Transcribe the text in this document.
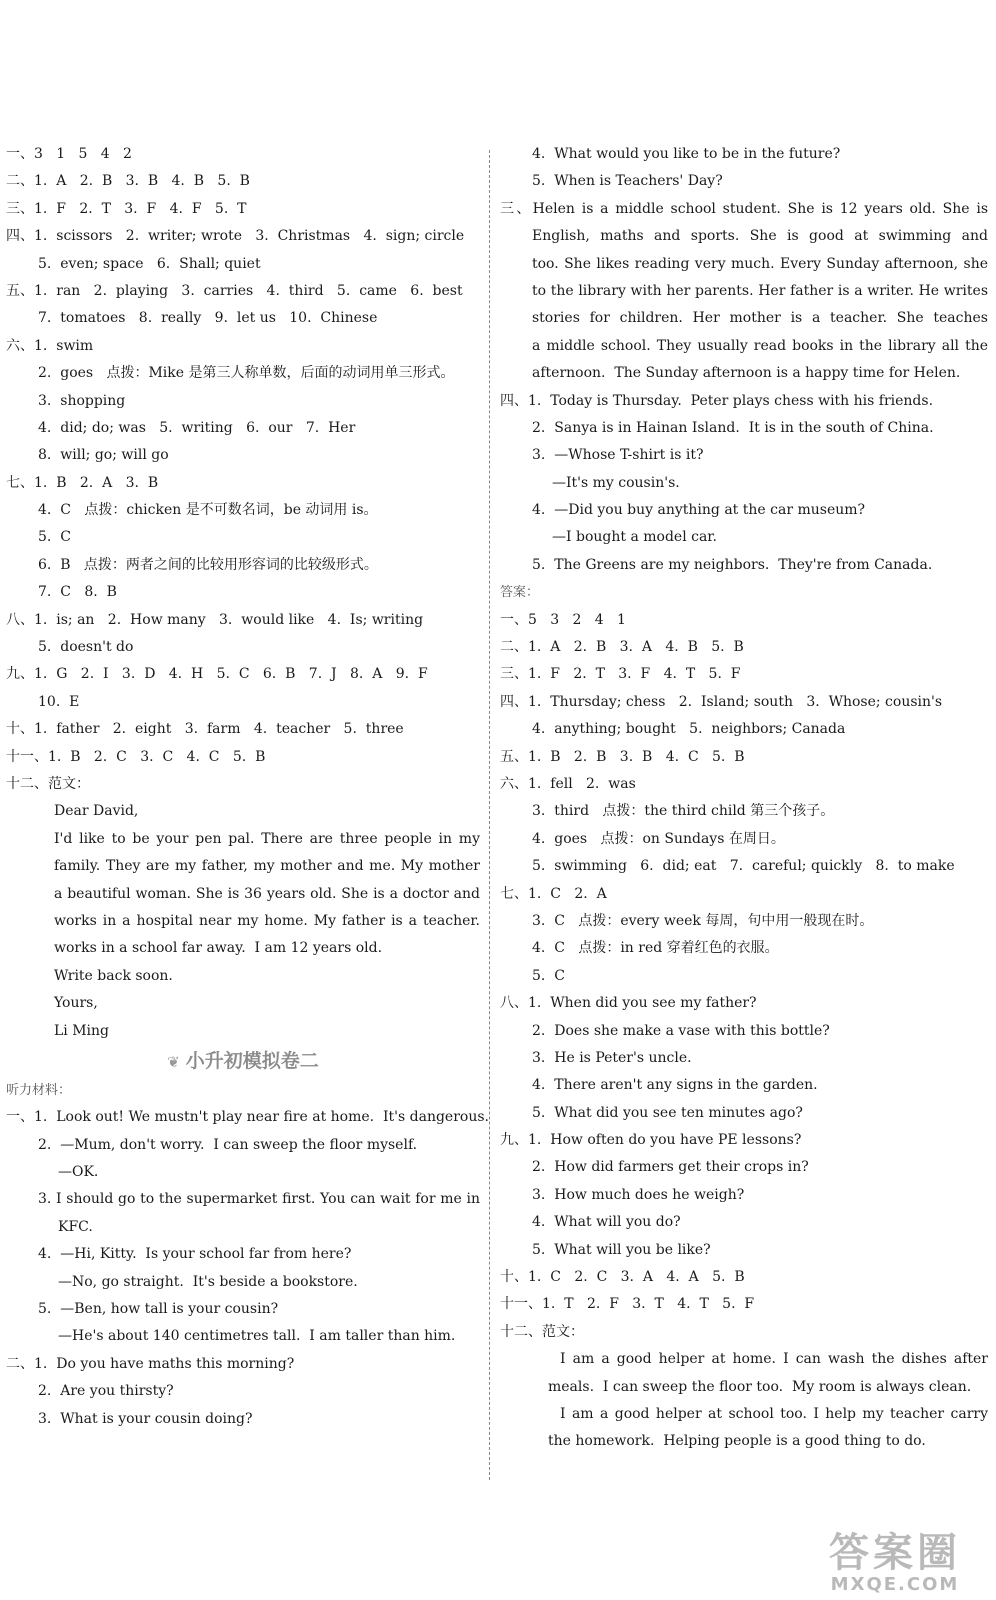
一、3   1   5   4   2
二、1.  A   2.  B   3.  B   4.  B   5.  B
三、1.  F   2.  T   3.  F   4.  F   5.  T
四、1.  scissors   2.  writer; wrote   3.  Christmas   4.  sign; circle
5.  even; space   6.  Shall; quiet
五、1.  ran   2.  playing   3.  carries   4.  third   5.  came   6.  best
7.  tomatoes   8.  really   9.  let us   10.  Chinese
六、1.  swim
2.  goes   点拨：Mike 是第三人称单数，后面的动词用单三形式。
3.  shopping
4.  did; do; was   5.  writing   6.  our   7.  Her
8.  will; go; will go
七、1.  B   2.  A   3.  B
4.  C   点拨：chicken 是不可数名词，be 动词用 is。
5.  C
6.  B   点拨：两者之间的比较用形容词的比较级形式。
7.  C   8.  B
八、1.  is; an   2.  How many   3.  would like   4.  Is; writing
5.  doesn't do
九、1.  G   2.  I   3.  D   4.  H   5.  C   6.  B   7.  J   8.  A   9.  F
10.  E
十、1.  father   2.  eight   3.  farm   4.  teacher   5.  three
十一、1.  B   2.  C   3.  C   4.  C   5.  B
十二、范文：
Dear David,
I'd like to be your pen pal. There are three people in my
family. They are my father, my mother and me. My mother
a beautiful woman. She is 36 years old. She is a doctor and
works in a hospital near my home. My father is a teacher.
works in a school far away.  I am 12 years old.
Write back soon.
Yours,
Li Ming
❦ 小升初模拟卷二
听力材料：
一、1.  Look out! We mustn't play near fire at home.  It's dangerous.
2.  —Mum, don't worry.  I can sweep the floor myself.
—OK.
3. I should go to the supermarket first. You can wait for me in
KFC.
4.  —Hi, Kitty.  Is your school far from here?
—No, go straight.  It's beside a bookstore.
5.  —Ben, how tall is your cousin?
—He's about 140 centimetres tall.  I am taller than him.
二、1.  Do you have maths this morning?
2.  Are you thirsty?
3.  What is your cousin doing?
4.  What would you like to be in the future?
5.  When is Teachers' Day?
三、Helen is a middle school student. She is 12 years old. She is
English, maths and sports. She is good at swimming and
too. She likes reading very much. Every Sunday afternoon, she
to the library with her parents. Her father is a writer. He writes
stories for children. Her mother is a teacher. She teaches
a middle school. They usually read books in the library all the
afternoon.  The Sunday afternoon is a happy time for Helen.
四、1.  Today is Thursday.  Peter plays chess with his friends.
2.  Sanya is in Hainan Island.  It is in the south of China.
3.  —Whose T-shirt is it?
—It's my cousin's.
4.  —Did you buy anything at the car museum?
—I bought a model car.
5.  The Greens are my neighbors.  They're from Canada.
答案：
一、5   3   2   4   1
二、1.  A   2.  B   3.  A   4.  B   5.  B
三、1.  F   2.  T   3.  F   4.  T   5.  F
四、1.  Thursday; chess   2.  Island; south   3.  Whose; cousin's
4.  anything; bought   5.  neighbors; Canada
五、1.  B   2.  B   3.  B   4.  C   5.  B
六、1.  fell   2.  was
3.  third   点拨：the third child 第三个孩子。
4.  goes   点拨：on Sundays 在周日。
5.  swimming   6.  did; eat   7.  careful; quickly   8.  to make
七、1.  C   2.  A
3.  C   点拨：every week 每周，句中用一般现在时。
4.  C   点拨：in red 穿着红色的衣服。
5.  C
八、1.  When did you see my father?
2.  Does she make a vase with this bottle?
3.  He is Peter's uncle.
4.  There aren't any signs in the garden.
5.  What did you see ten minutes ago?
九、1.  How often do you have PE lessons?
2.  How did farmers get their crops in?
3.  How much does he weigh?
4.  What will you do?
5.  What will you be like?
十、1.  C   2.  C   3.  A   4.  A   5.  B
十一、1.  T   2.  F   3.  T   4.  T   5.  F
十二、范文：
I am a good helper at home. I can wash the dishes after
meals.  I can sweep the floor too.  My room is always clean.
I am a good helper at school too. I help my teacher carry
the homework.  Helping people is a good thing to do.
答案圈
MXQE.COM
